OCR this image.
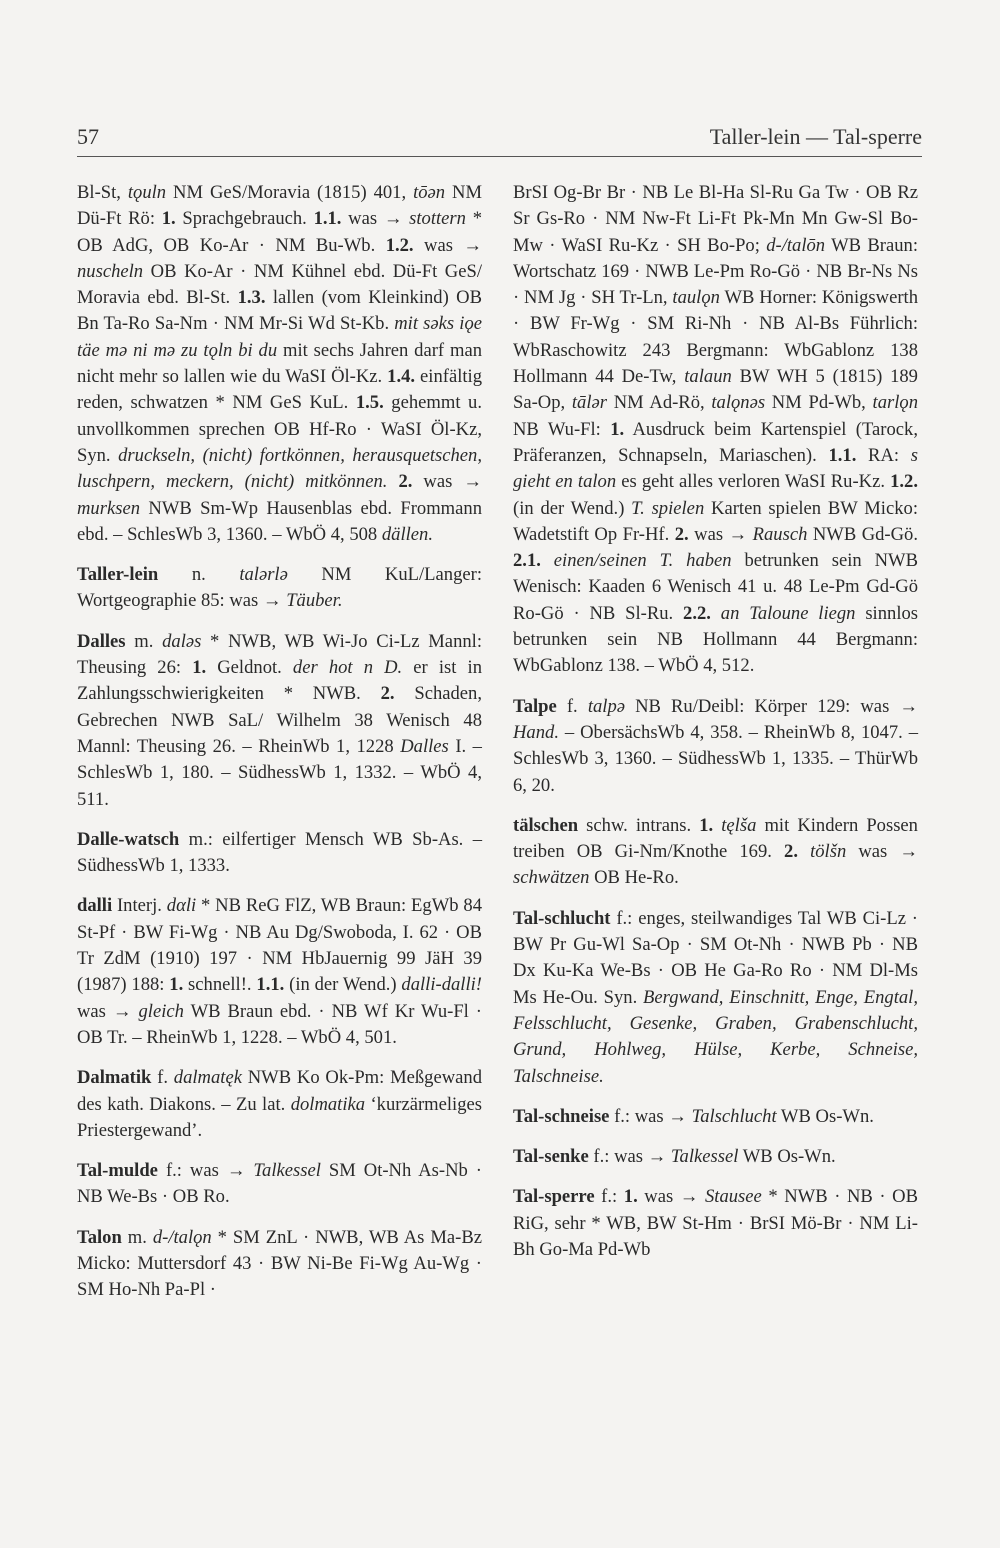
57	Taller-lein — Tal-sperre

Bl-St, tǫuln NM GeS/Moravia (1815) 401, tōən NM Dü-Ft Rö: 1. Sprachgebrauch. 1.1. was → stottern * OB AdG, OB Ko-Ar · NM Bu-Wb. 1.2. was → nuscheln OB Ko-Ar · NM Kühnel ebd. Dü-Ft GeS/ Moravia ebd. Bl-St. 1.3. lallen (vom Kleinkind) OB Bn Ta-Ro Sa-Nm · NM Mr-Si Wd St-Kb. mit səks iǫe täe mə ni mə zu tǫln bi du mit sechs Jahren darf man nicht mehr so lallen wie du WaSI Öl-Kz. 1.4. einfältig reden, schwatzen * NM GeS KuL. 1.5. gehemmt u. unvollkommen sprechen OB Hf-Ro · WaSI Öl-Kz, Syn. druckseln, (nicht) fortkönnen, herausquetschen, luschpern, meckern, (nicht) mitkönnen. 2. was → murksen NWB Sm-Wp Hausenblas ebd. Frommann ebd. – SchlesWb 3, 1360. – WbÖ 4, 508 dällen.

Taller-lein n. talərlə NM KuL/Langer: Wortgeographie 85: was → Täuber.

Dalles m. daləs * NWB, WB Wi-Jo Ci-Lz Mannl: Theusing 26: 1. Geldnot. der hot n D. er ist in Zahlungsschwierigkeiten * NWB. 2. Schaden, Gebrechen NWB SaL/ Wilhelm 38 Wenisch 48 Mannl: Theusing 26. – RheinWb 1, 1228 Dalles I. – SchlesWb 1, 180. – SüdhessWb 1, 1332. – WbÖ 4, 511.

Dalle-watsch m.: eilfertiger Mensch WB Sb-As. – SüdhessWb 1, 1333.

dalli Interj. dαli * NB ReG FlZ, WB Braun: EgWb 84 St-Pf · BW Fi-Wg · NB Au Dg/Swoboda, I. 62 · OB Tr ZdM (1910) 197 · NM HbJauernig 99 JäH 39 (1987) 188: 1. schnell!. 1.1. (in der Wend.) dalli-dalli! was → gleich WB Braun ebd. · NB Wf Kr Wu-Fl · OB Tr. – RheinWb 1, 1228. – WbÖ 4, 501.

Dalmatik f. dalmatęk NWB Ko Ok-Pm: Meßgewand des kath. Diakons. – Zu lat. dolmatika ‘kurzärmeliges Priestergewand’.

Tal-mulde f.: was → Talkessel SM Ot-Nh As-Nb · NB We-Bs · OB Ro.

Talon m. d-/talǫn * SM ZnL · NWB, WB As Ma-Bz Micko: Muttersdorf 43 · BW Ni-Be Fi-Wg Au-Wg · SM Ho-Nh Pa-Pl ·

BrSI Og-Br Br · NB Le Bl-Ha Sl-Ru Ga Tw · OB Rz Sr Gs-Ro · NM Nw-Ft Li-Ft Pk-Mn Mn Gw-Sl Bo-Mw · WaSI Ru-Kz · SH Bo-Po; d-/talōn WB Braun: Wortschatz 169 · NWB Le-Pm Ro-Gö · NB Br-Ns Ns · NM Jg · SH Tr-Ln, taulǫn WB Horner: Königswerth · BW Fr-Wg · SM Ri-Nh · NB Al-Bs Führlich: WbRaschowitz 243 Bergmann: WbGablonz 138 Hollmann 44 De-Tw, talaun BW WH 5 (1815) 189 Sa-Op, tālər NM Ad-Rö, talǫnəs NM Pd-Wb, tarlǫn NB Wu-Fl: 1. Ausdruck beim Kartenspiel (Tarock, Präferanzen, Schnapseln, Mariaschen). 1.1. RA: s gieht en talon es geht alles verloren WaSI Ru-Kz. 1.2. (in der Wend.) T. spielen Karten spielen BW Micko: Wadetstift Op Fr-Hf. 2. was → Rausch NWB Gd-Gö. 2.1. einen/seinen T. haben betrunken sein NWB Wenisch: Kaaden 6 Wenisch 41 u. 48 Le-Pm Gd-Gö Ro-Gö · NB Sl-Ru. 2.2. an Taloune liegn sinnlos betrunken sein NB Hollmann 44 Bergmann: WbGablonz 138. – WbÖ 4, 512.

Talpe f. talpə NB Ru/Deibl: Körper 129: was → Hand. – ObersächsWb 4, 358. – RheinWb 8, 1047. – SchlesWb 3, 1360. – SüdhessWb 1, 1335. – ThürWb 6, 20.

tälschen schw. intrans. 1. tęlša mit Kindern Possen treiben OB Gi-Nm/Knothe 169. 2. tölšn was → schwätzen OB He-Ro.

Tal-schlucht f.: enges, steilwandiges Tal WB Ci-Lz · BW Pr Gu-Wl Sa-Op · SM Ot-Nh · NWB Pb · NB Dx Ku-Ka We-Bs · OB He Ga-Ro Ro · NM Dl-Ms Ms He-Ou. Syn. Bergwand, Einschnitt, Enge, Engtal, Felsschlucht, Gesenke, Graben, Grabenschlucht, Grund, Hohlweg, Hülse, Kerbe, Schneise, Talschneise.

Tal-schneise f.: was → Talschlucht WB Os-Wn.

Tal-senke f.: was → Talkessel WB Os-Wn.

Tal-sperre f.: 1. was → Stausee * NWB · NB · OB RiG, sehr * WB, BW St-Hm · BrSI Mö-Br · NM Li-Bh Go-Ma Pd-Wb
